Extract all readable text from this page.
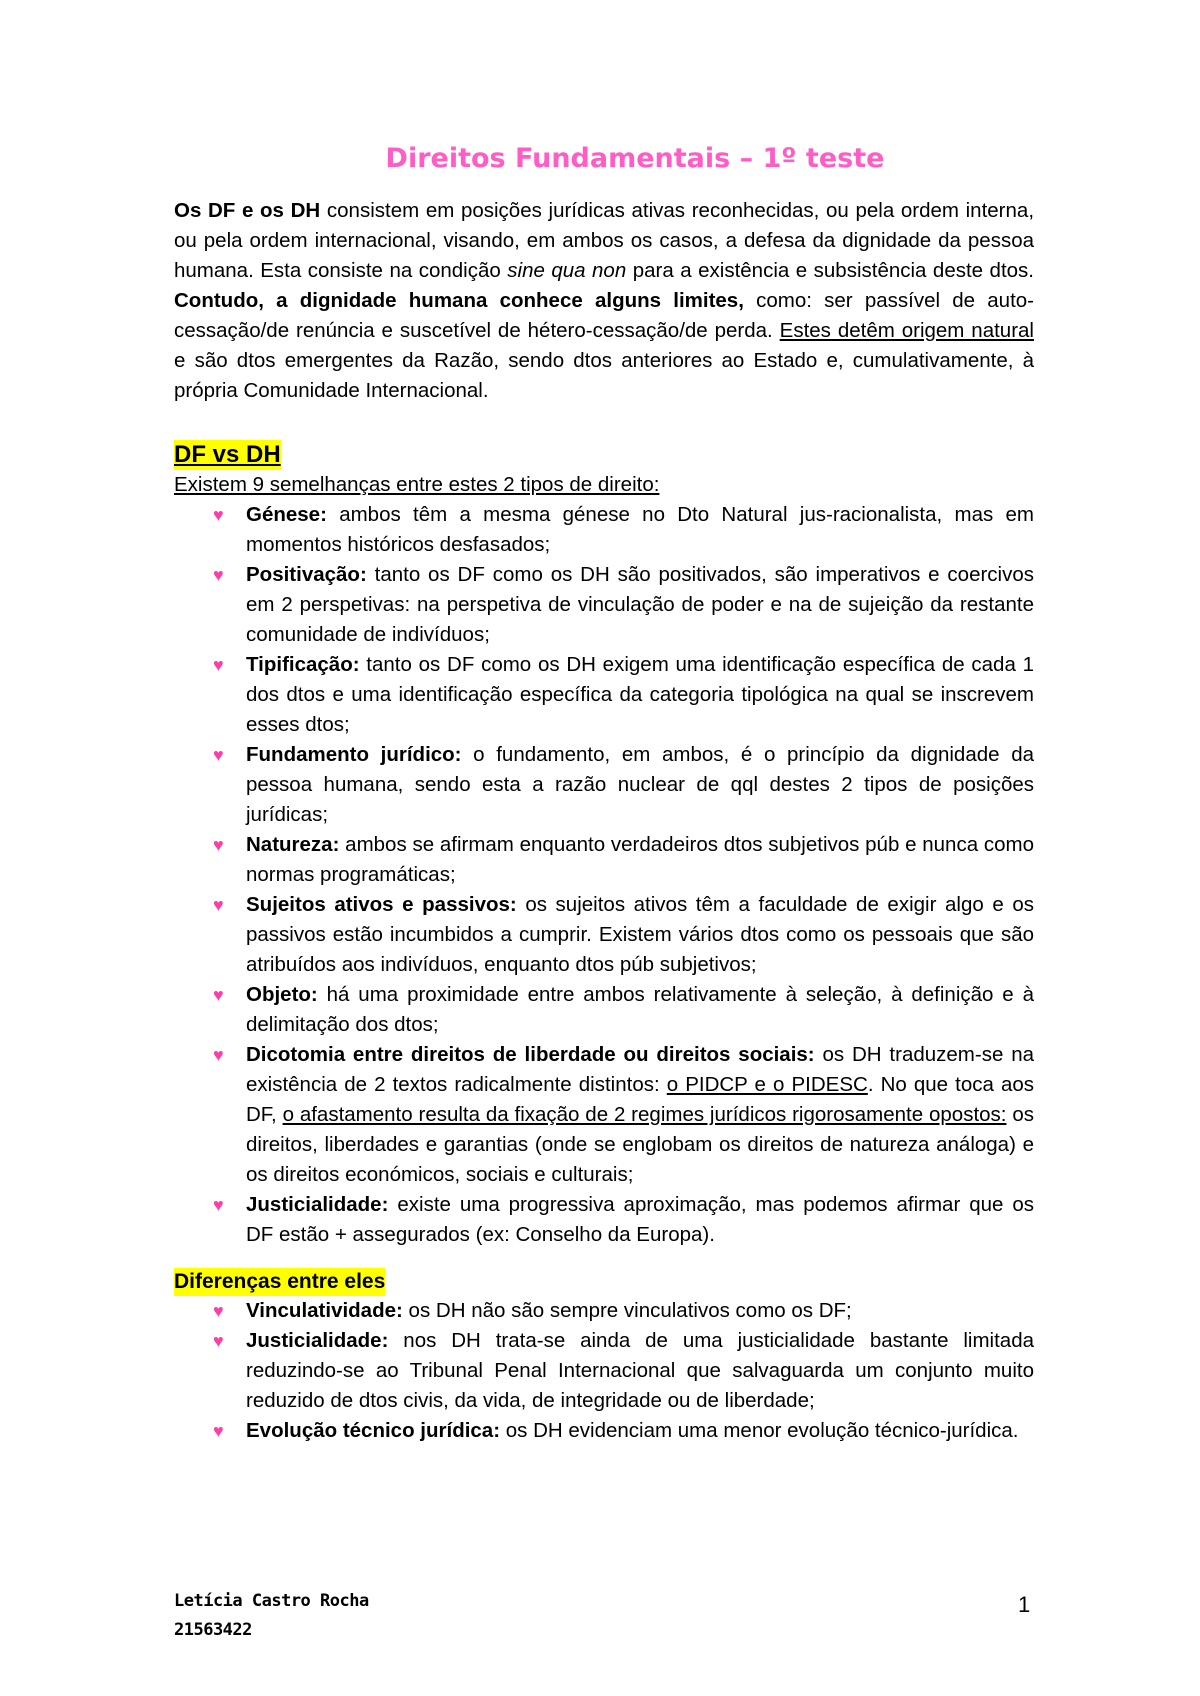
Direitos Fundamentais – 1º teste

Os DF e os DH consistem em posições jurídicas ativas reconhecidas, ou pela ordem interna, ou pela ordem internacional, visando, em ambos os casos, a defesa da dignidade da pessoa humana. Esta consiste na condição sine qua non para a existência e subsistência deste dtos. Contudo, a dignidade humana conhece alguns limites, como: ser passível de auto-cessação/de renúncia e suscetível de hétero-cessação/de perda. Estes detêm origem natural e são dtos emergentes da Razão, sendo dtos anteriores ao Estado e, cumulativamente, à própria Comunidade Internacional.

DF vs DH
Existem 9 semelhanças entre estes 2 tipos de direito:
♥ Génese: ambos têm a mesma génese no Dto Natural jus-racionalista, mas em momentos históricos desfasados;
♥ Positivação: tanto os DF como os DH são positivados, são imperativos e coercivos em 2 perspetivas: na perspetiva de vinculação de poder e na de sujeição da restante comunidade de indivíduos;
♥ Tipificação: tanto os DF como os DH exigem uma identificação específica de cada 1 dos dtos e uma identificação específica da categoria tipológica na qual se inscrevem esses dtos;
♥ Fundamento jurídico: o fundamento, em ambos, é o princípio da dignidade da pessoa humana, sendo esta a razão nuclear de qql destes 2 tipos de posições jurídicas;
♥ Natureza: ambos se afirmam enquanto verdadeiros dtos subjetivos púb e nunca como normas programáticas;
♥ Sujeitos ativos e passivos: os sujeitos ativos têm a faculdade de exigir algo e os passivos estão incumbidos a cumprir. Existem vários dtos como os pessoais que são atribuídos aos indivíduos, enquanto dtos púb subjetivos;
♥ Objeto: há uma proximidade entre ambos relativamente à seleção, à definição e à delimitação dos dtos;
♥ Dicotomia entre direitos de liberdade ou direitos sociais: os DH traduzem-se na existência de 2 textos radicalmente distintos: o PIDCP e o PIDESC. No que toca aos DF, o afastamento resulta da fixação de 2 regimes jurídicos rigorosamente opostos: os direitos, liberdades e garantias (onde se englobam os direitos de natureza análoga) e os direitos económicos, sociais e culturais;
♥ Justicialidade: existe uma progressiva aproximação, mas podemos afirmar que os DF estão + assegurados (ex: Conselho da Europa).
Diferenças entre eles
♥ Vinculatividade: os DH não são sempre vinculativos como os DF;
♥ Justicialidade: nos DH trata-se ainda de uma justicialidade bastante limitada reduzindo-se ao Tribunal Penal Internacional que salvaguarda um conjunto muito reduzido de dtos civis, da vida, de integridade ou de liberdade;
♥ Evolução técnico jurídica: os DH evidenciam uma menor evolução técnico-jurídica.
Letícia Castro Rocha
21563422
1
